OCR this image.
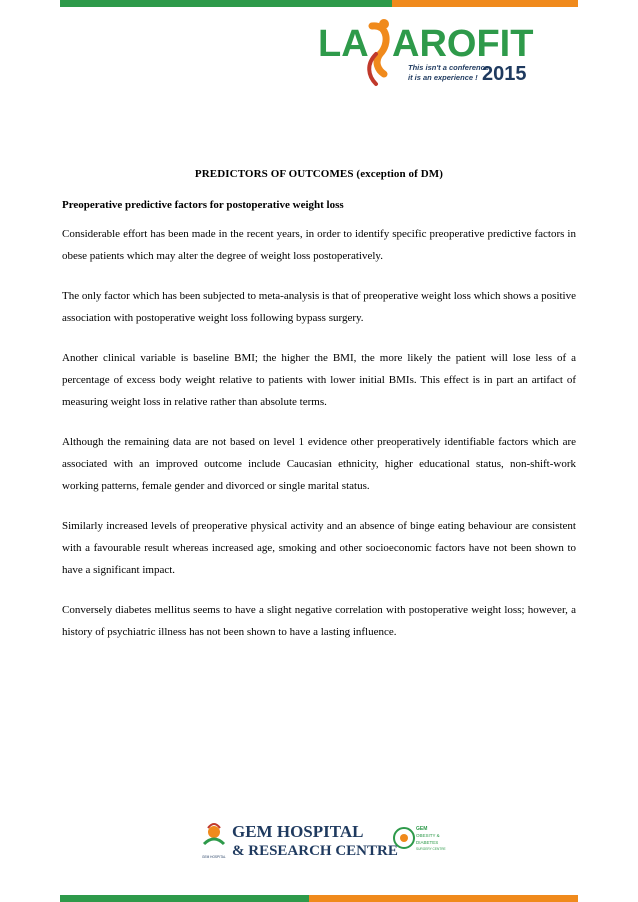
LA AROFIT
This isn't a conference,
it is an experience ! 2015

PREDICTORS OF OUTCOMES (exception of DM)

Preoperative predictive factors for postoperative weight loss

Considerable effort has been made in the recent years, in order to identify specific preoperative predictive factors in obese patients which may alter the degree of weight loss postoperatively.

The only factor which has been subjected to meta-analysis is that of preoperative weight loss which shows a positive association with postoperative weight loss following bypass surgery.

Another clinical variable is baseline BMI; the higher the BMI, the more likely the patient will lose less of a percentage of excess body weight relative to patients with lower initial BMIs. This effect is in part an artifact of measuring weight loss in relative rather than absolute terms.

Although the remaining data are not based on level 1 evidence other preoperatively identifiable factors which are associated with an improved outcome include Caucasian ethnicity, higher educational status, non-shift-work working patterns, female gender and divorced or single marital status.

Similarly increased levels of preoperative physical activity and an absence of binge eating behaviour are consistent with a favourable result whereas increased age, smoking and other socioeconomic factors have not been shown to have a significant impact.

Conversely diabetes mellitus seems to have a slight negative correlation with postoperative weight loss; however, a history of psychiatric illness has not been shown to have a lasting influence.

GEM HOSPITAL
GEM HOSPITAL
& RESEARCH CENTRE
GEM
OBESITY &
DIABETES
SURGERY CENTRE
